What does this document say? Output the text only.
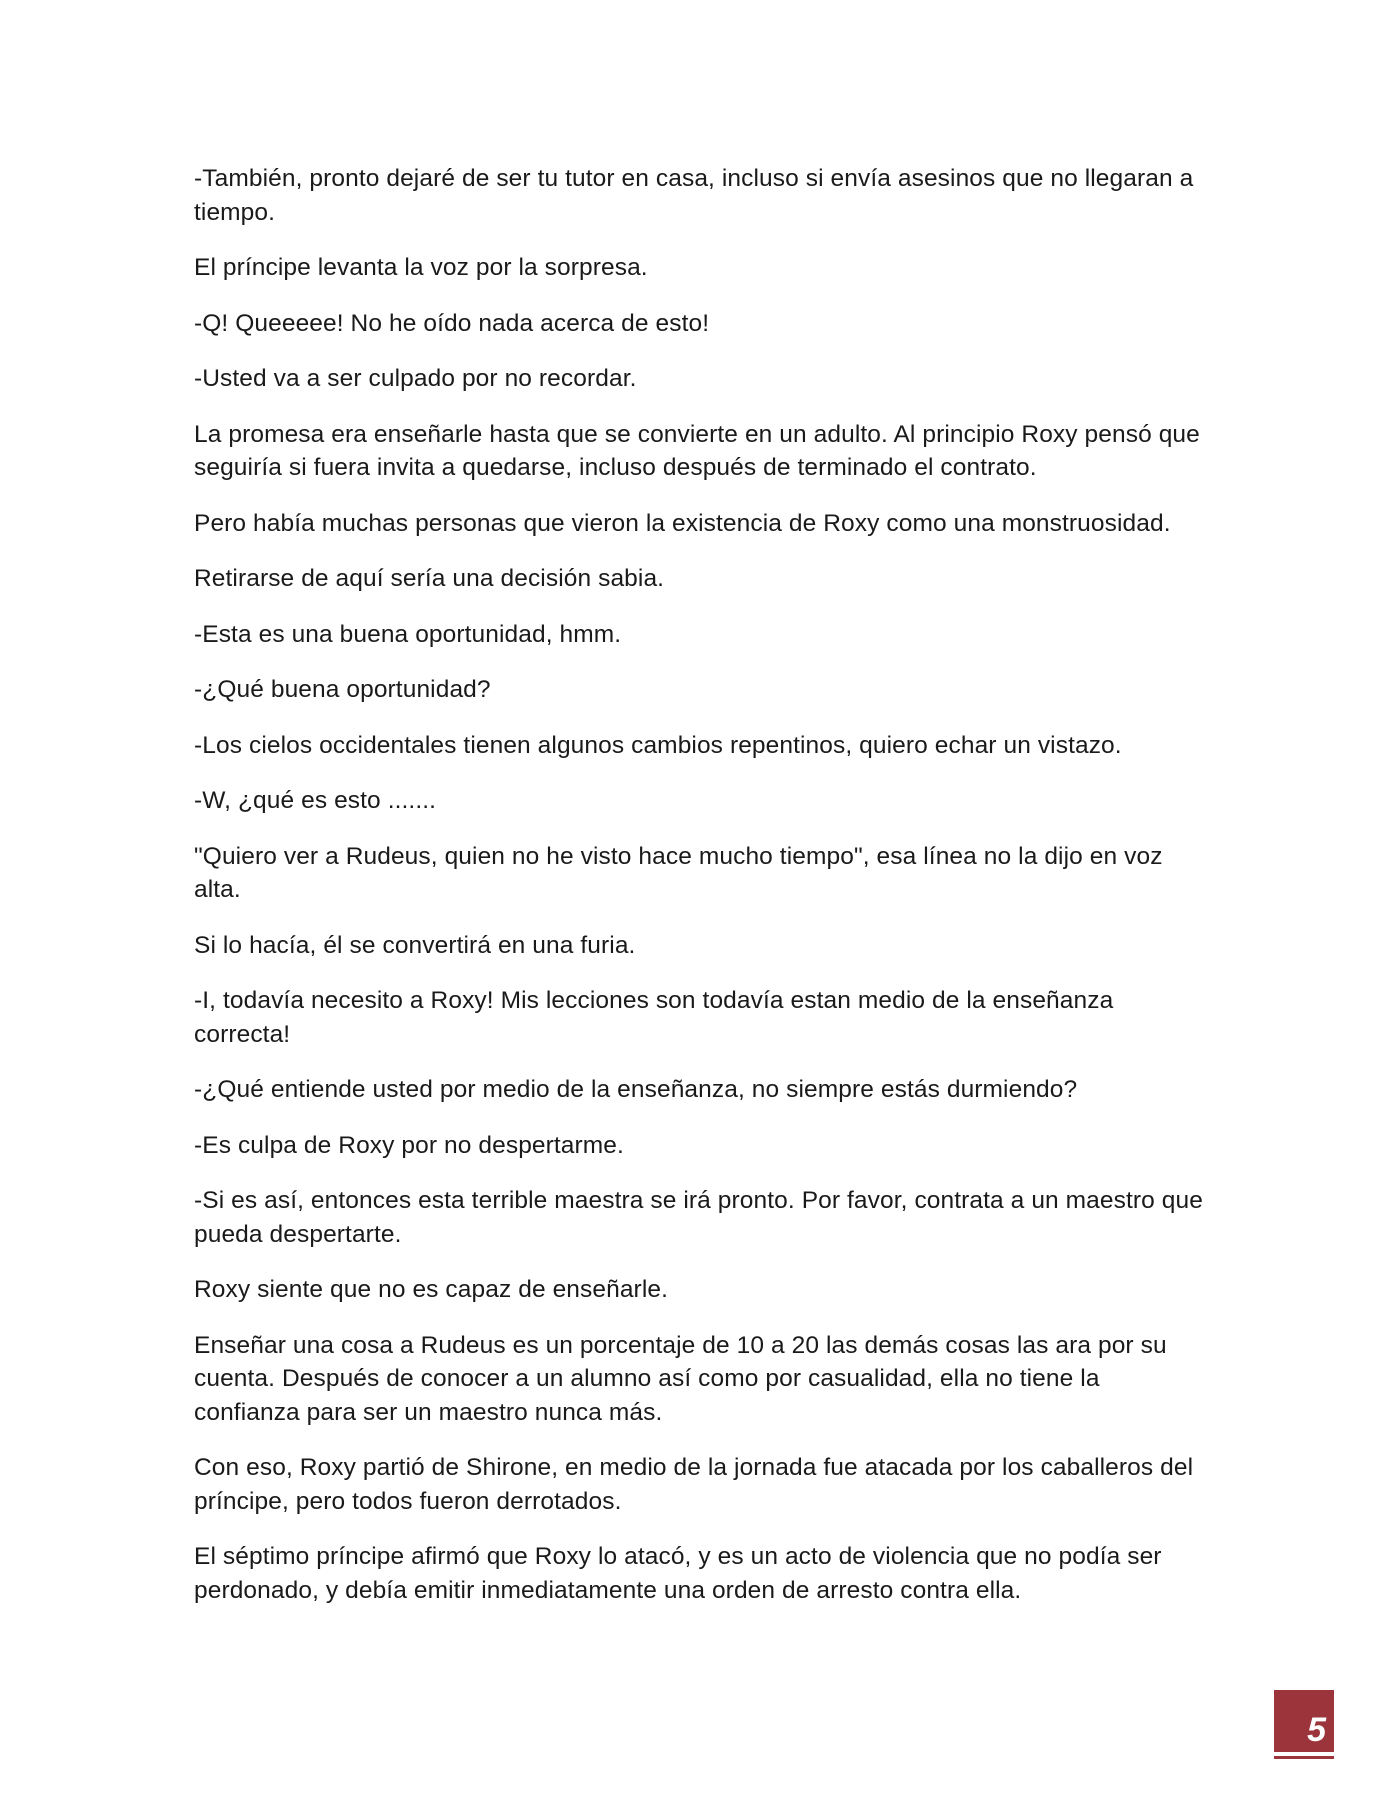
-También, pronto dejaré de ser tu tutor en casa, incluso si envía asesinos que no llegaran a tiempo.

El príncipe levanta la voz por la sorpresa.

-Q! Queeeee! No he oído nada acerca de esto!

-Usted va a ser culpado por no recordar.

La promesa era enseñarle hasta que se convierte en un adulto. Al principio Roxy pensó que seguiría si fuera invita a quedarse, incluso después de terminado el contrato.

Pero había muchas personas que vieron la existencia de Roxy como una monstruosidad.

Retirarse de aquí sería una decisión sabia.

-Esta es una buena oportunidad, hmm.

-¿Qué buena oportunidad?

-Los cielos occidentales tienen algunos cambios repentinos, quiero echar un vistazo.

-W, ¿qué es esto .......

"Quiero ver a Rudeus, quien no he visto hace mucho tiempo", esa línea no la dijo en voz alta.

Si lo hacía, él se convertirá en una furia.

-I, todavía necesito a Roxy! Mis lecciones son todavía estan medio de la enseñanza correcta!

-¿Qué entiende usted por medio de la enseñanza, no siempre estás durmiendo?

-Es culpa de Roxy por no despertarme.

-Si es así, entonces esta terrible maestra se irá pronto. Por favor, contrata a un maestro que pueda despertarte.

Roxy siente que no es capaz de enseñarle.

Enseñar una cosa a Rudeus es un porcentaje de 10 a 20 las demás cosas las ara por su cuenta. Después de conocer a un alumno así como por casualidad, ella no tiene la confianza para ser un maestro nunca más.

Con eso, Roxy partió de Shirone, en medio de la jornada fue atacada por los caballeros del príncipe, pero todos fueron derrotados.

El séptimo príncipe afirmó que Roxy lo atacó, y es un acto de violencia que no podía ser perdonado, y debía emitir inmediatamente una orden de arresto contra ella.

5
